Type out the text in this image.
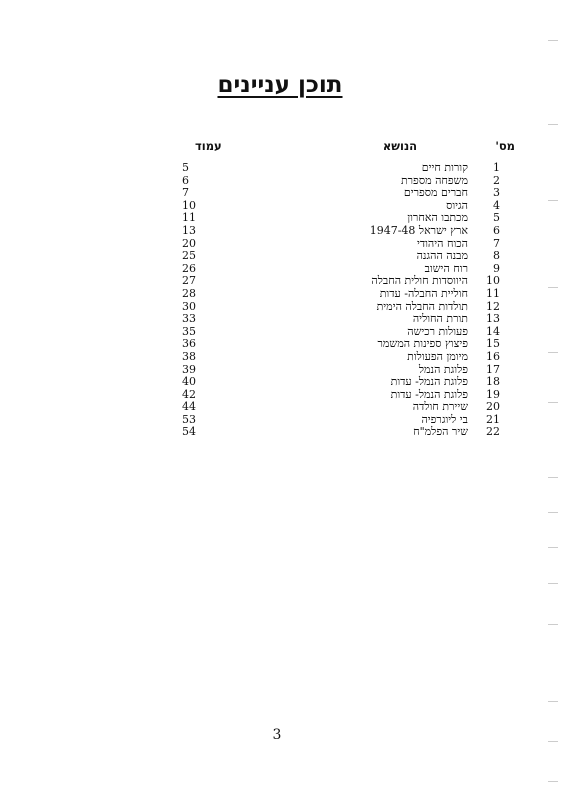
תוכן עניינים
מס'
הנושא
עמוד
1
קורות חיים
5
2
משפחה מספרת
6
3
חברים מספרים
7
4
הגיוס
10
5
מכתבו האחרון
11
6
ארץ ישראל 1947-48
13
7
הכוח היהודי
20
8
מבנה ההגנה
25
9
רוח הישוב
26
10
היווסדות חולית החבלה
27
11
חוליית החבלה- עדות
28
12
תולדות החבלה הימית
30
13
תורת החוליה
33
14
פעולות רכישה
35
15
פיצוץ ספינות המשמר
36
16
מיומן הפעולות
38
17
פלוגת הנמל
39
18
פלוגת הנמל- עדות
40
19
פלוגת הנמל- עדות
42
20
שיירת חולדה
44
21
בי ליוגרפיה
53
22
שיר הפלמ"ח
54
3
